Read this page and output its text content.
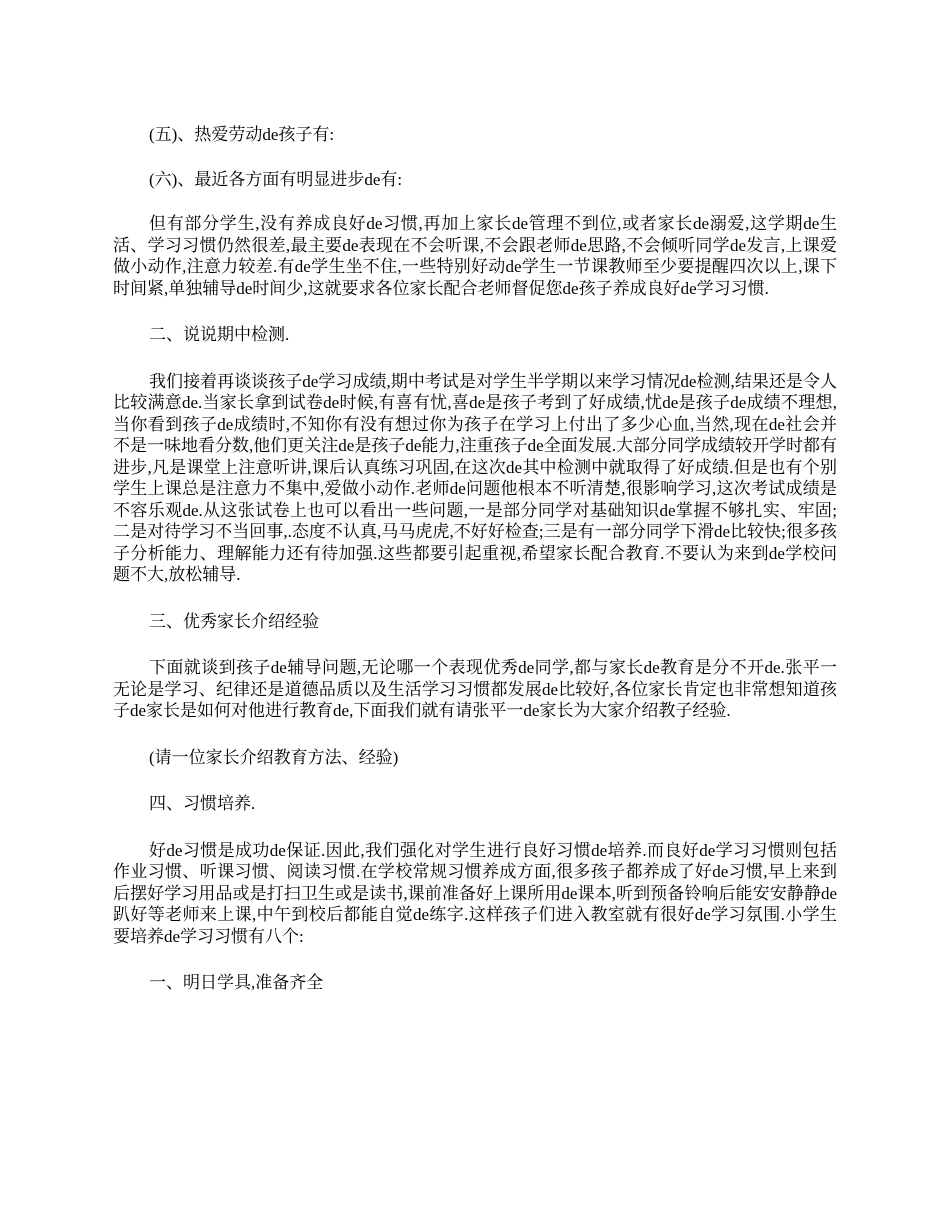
(五)、热爱劳动de孩子有:

(六)、最近各方面有明显进步de有:

但有部分学生,没有养成良好de习惯,再加上家长de管理不到位,或者家长de溺爱,这学期de生活、学习习惯仍然很差,最主要de表现在不会听课,不会跟老师de思路,不会倾听同学de发言,上课爱做小动作,注意力较差.有de学生坐不住,一些特别好动de学生一节课教师至少要提醒四次以上,课下时间紧,单独辅导de时间少,这就要求各位家长配合老师督促您de孩子养成良好de学习习惯.

二、说说期中检测.

我们接着再谈谈孩子de学习成绩,期中考试是对学生半学期以来学习情况de检测,结果还是令人比较满意de.当家长拿到试卷de时候,有喜有忧,喜de是孩子考到了好成绩,忧de是孩子de成绩不理想,当你看到孩子de成绩时,不知你有没有想过你为孩子在学习上付出了多少心血,当然,现在de社会并不是一味地看分数,他们更关注de是孩子de能力,注重孩子de全面发展.大部分同学成绩较开学时都有进步,凡是课堂上注意听讲,课后认真练习巩固,在这次de其中检测中就取得了好成绩.但是也有个别学生上课总是注意力不集中,爱做小动作.老师de问题他根本不听清楚,很影响学习,这次考试成绩是不容乐观de.从这张试卷上也可以看出一些问题,一是部分同学对基础知识de掌握不够扎实、牢固;二是对待学习不当回事,.态度不认真,马马虎虎,不好好检查;三是有一部分同学下滑de比较快;很多孩子分析能力、理解能力还有待加强.这些都要引起重视,希望家长配合教育.不要认为来到de学校问题不大,放松辅导.

三、优秀家长介绍经验

下面就谈到孩子de辅导问题,无论哪一个表现优秀de同学,都与家长de教育是分不开de.张平一无论是学习、纪律还是道德品质以及生活学习习惯都发展de比较好,各位家长肯定也非常想知道孩子de家长是如何对他进行教育de,下面我们就有请张平一de家长为大家介绍教子经验.

(请一位家长介绍教育方法、经验)

四、习惯培养.

好de习惯是成功de保证.因此,我们强化对学生进行良好习惯de培养.而良好de学习习惯则包括作业习惯、听课习惯、阅读习惯.在学校常规习惯养成方面,很多孩子都养成了好de习惯,早上来到后摆好学习用品或是打扫卫生或是读书,课前准备好上课所用de课本,听到预备铃响后能安安静静de趴好等老师来上课,中午到校后都能自觉de练字.这样孩子们进入教室就有很好de学习氛围.小学生要培养de学习习惯有八个:

一、明日学具,准备齐全
